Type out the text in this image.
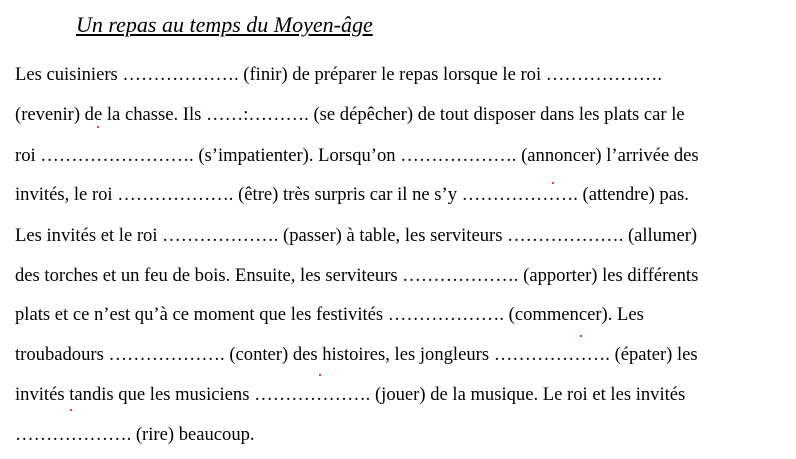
Un repas au temps du Moyen-âge
Les cuisiniers ………………. (finir) de préparer le repas lorsque le roi ……………….
(revenir) de la chasse. Ils ……:………. (se dépêcher) de tout disposer dans les plats car le
roi ……………………. (s’impatienter). Lorsqu’on ………………. (annoncer) l’arrivée des
invités, le roi ………………. (être) très surpris car il ne s’y ………………. (attendre) pas.
Les invités et le roi ………………. (passer) à table, les serviteurs ………………. (allumer)
des torches et un feu de bois. Ensuite, les serviteurs ………………. (apporter) les différents
plats et ce n’est qu’à ce moment que les festivités ………………. (commencer). Les
troubadours ………………. (conter) des histoires, les jongleurs ………………. (épater) les
invités tandis que les musiciens ………………. (jouer) de la musique. Le roi et les invités
………………. (rire) beaucoup.
